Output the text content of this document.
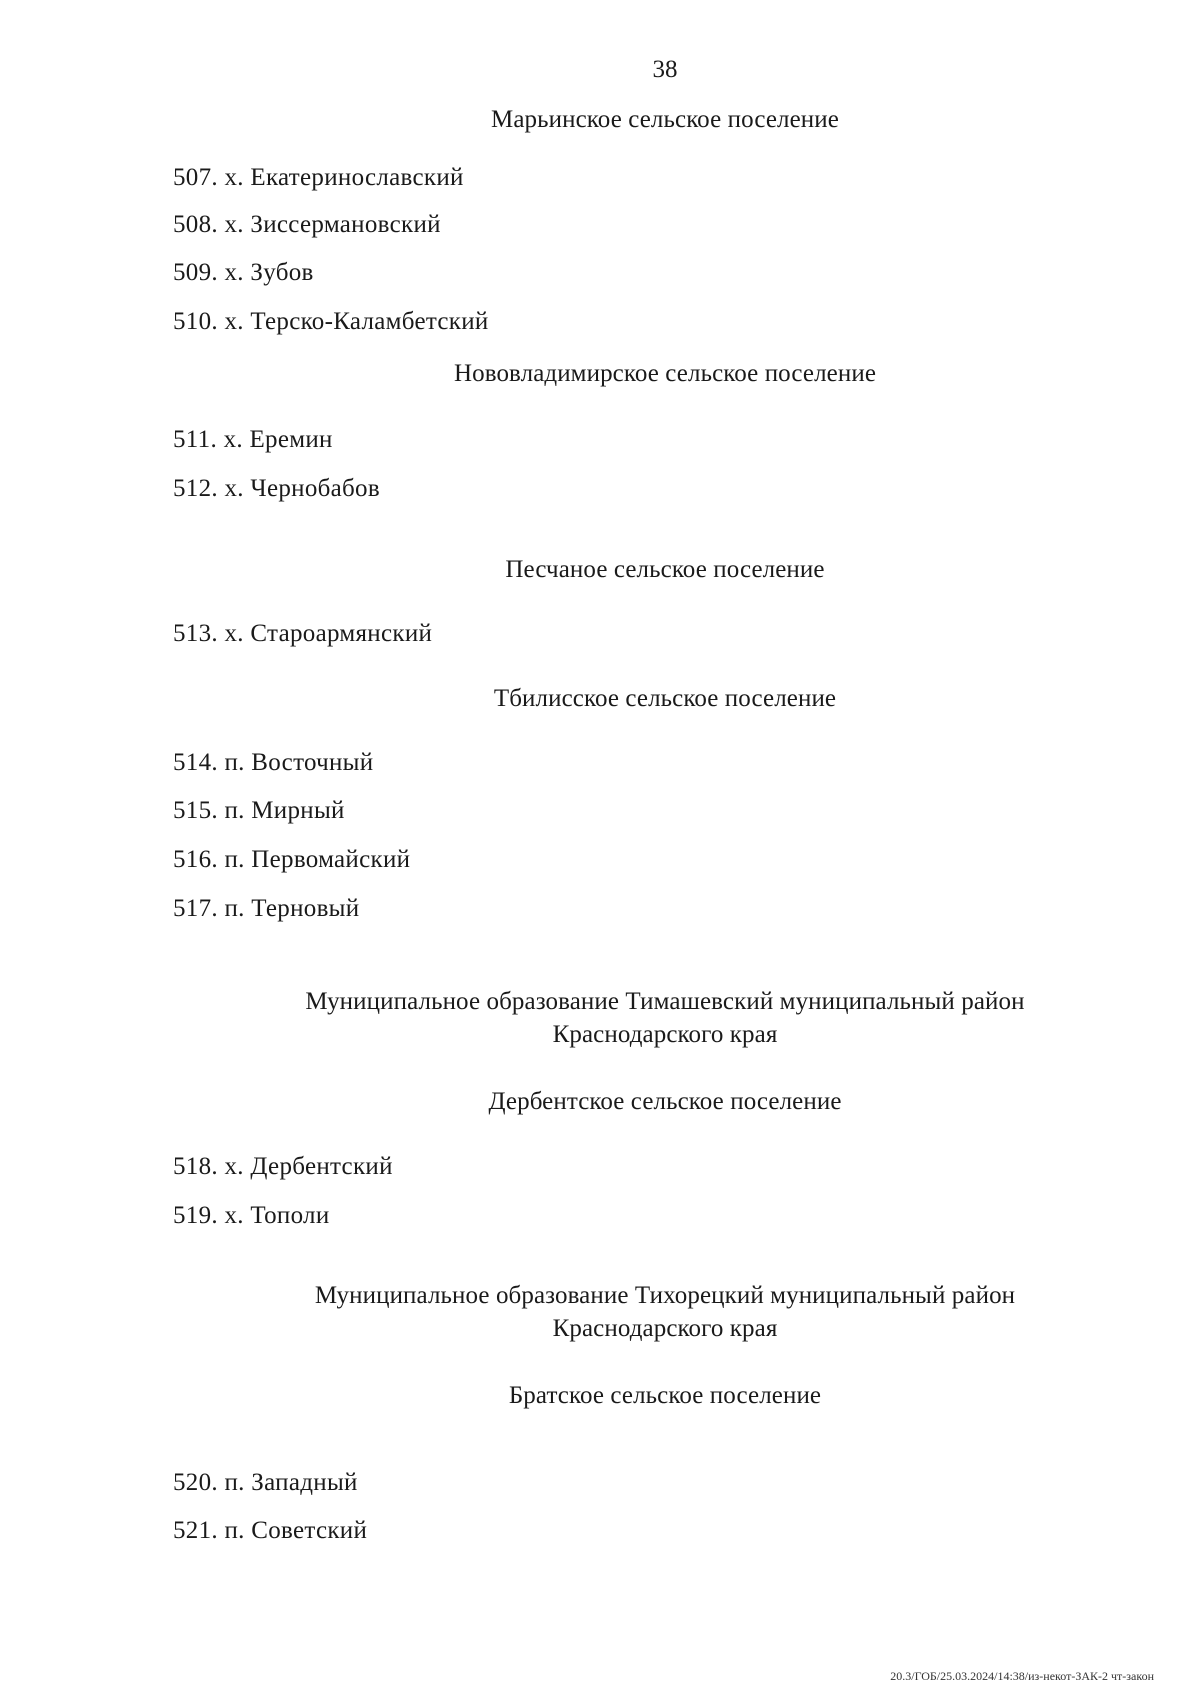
38
Марьинское сельское поселение
507. х. Екатеринославский
508. х. Зиссермановский
509. х. Зубов
510. х. Терско-Каламбетский
Нововладимирское сельское поселение
511. х. Еремин
512. х. Чернобабов
Песчаное сельское поселение
513. х. Староармянский
Тбилисское сельское поселение
514. п. Восточный
515. п. Мирный
516. п. Первомайский
517. п. Терновый
Муниципальное образование Тимашевский муниципальный район
Краснодарского края
Дербентское сельское поселение
518. х. Дербентский
519. х. Тополи
Муниципальное образование Тихорецкий муниципальный район
Краснодарского края
Братское сельское поселение
520. п. Западный
521. п. Советский
20.3/ГОБ/25.03.2024/14:38/из-некот-ЗАК-2 чт-закон
